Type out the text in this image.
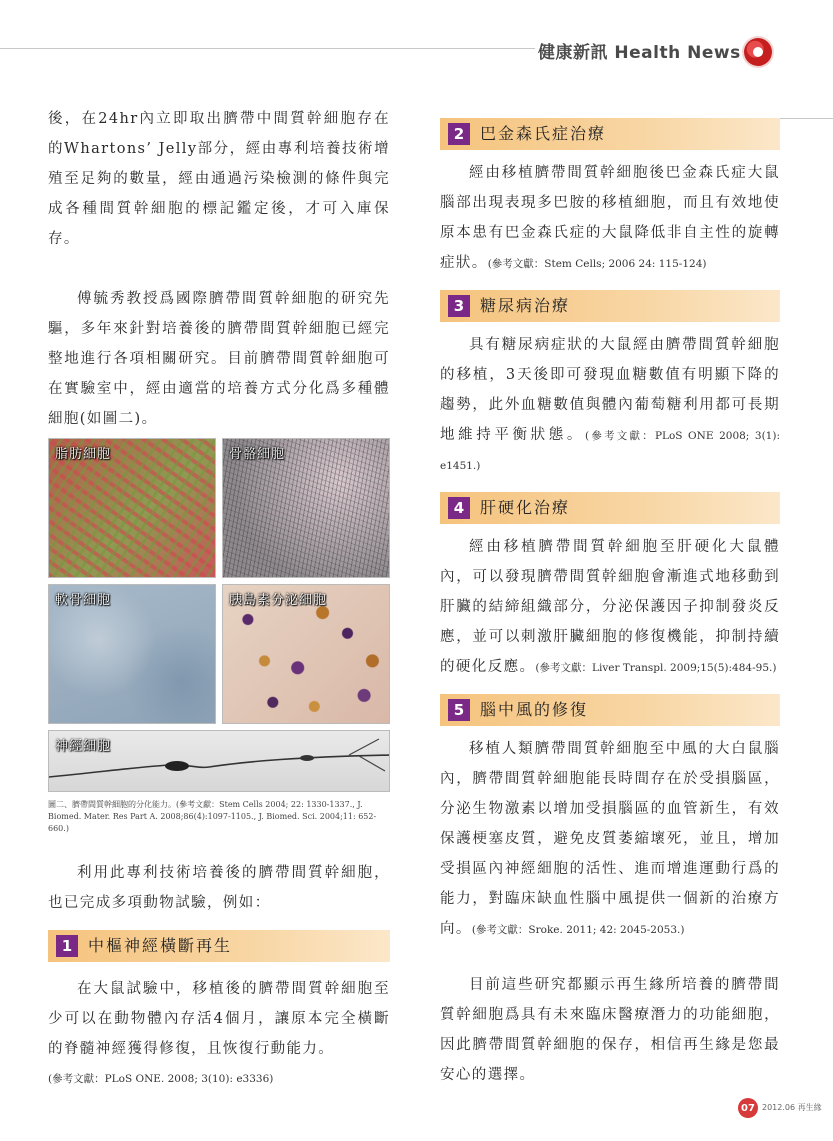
健康新訊 Health News

後，在24hr內立即取出臍帶中間質幹細胞存在的Whartons’ Jelly部分，經由專利培養技術增殖至足夠的數量，經由通過污染檢測的條件與完成各種間質幹細胞的標記鑑定後，才可入庫保存。

傅毓秀教授爲國際臍帶間質幹細胞的研究先驅，多年來針對培養後的臍帶間質幹細胞已經完整地進行各項相關研究。目前臍帶間質幹細胞可在實驗室中，經由適當的培養方式分化爲多種體細胞(如圖二)。

脂肪細胞	骨骼細胞
軟骨細胞	胰島素分泌細胞
神經細胞

圖二、臍帶間質幹細胞的分化能力。(參考文獻：Stem Cells 2004; 22: 1330-1337., J. Biomed. Mater. Res Part A. 2008;86(4):1097-1105., J. Biomed. Sci. 2004;11: 652-660.)

利用此專利技術培養後的臍帶間質幹細胞，也已完成多項動物試驗，例如：

1 中樞神經橫斷再生

在大鼠試驗中，移植後的臍帶間質幹細胞至少可以在動物體內存活4個月，讓原本完全橫斷的脊髓神經獲得修復，且恢復行動能力。

(參考文獻：PLoS ONE. 2008; 3(10): e3336)

2 巴金森氏症治療

經由移植臍帶間質幹細胞後巴金森氏症大鼠腦部出現表現多巴胺的移植細胞，而且有效地使原本患有巴金森氏症的大鼠降低非自主性的旋轉症狀。(參考文獻：Stem Cells; 2006 24: 115-124)

3 糖尿病治療

具有糖尿病症狀的大鼠經由臍帶間質幹細胞的移植，3天後即可發現血糖數值有明顯下降的趨勢，此外血糖數值與體內葡萄糖利用都可長期地維持平衡狀態。(參考文獻：PLoS ONE 2008; 3(1): e1451.)

4 肝硬化治療

經由移植臍帶間質幹細胞至肝硬化大鼠體內，可以發現臍帶間質幹細胞會漸進式地移動到肝臟的結締組織部分，分泌保護因子抑制發炎反應，並可以刺激肝臟細胞的修復機能，抑制持續的硬化反應。(參考文獻：Liver Transpl. 2009;15(5):484-95.)

5 腦中風的修復

移植人類臍帶間質幹細胞至中風的大白鼠腦內，臍帶間質幹細胞能長時間存在於受損腦區，分泌生物激素以增加受損腦區的血管新生，有效保護梗塞皮質，避免皮質萎縮壞死，並且，增加受損區內神經細胞的活性、進而增進運動行爲的能力，對臨床缺血性腦中風提供一個新的治療方向。(參考文獻：Sroke. 2011; 42: 2045-2053.)

目前這些研究都顯示再生緣所培養的臍帶間質幹細胞爲具有未來臨床醫療潛力的功能細胞，因此臍帶間質幹細胞的保存，相信再生緣是您最安心的選擇。

07 2012.06 再生緣
